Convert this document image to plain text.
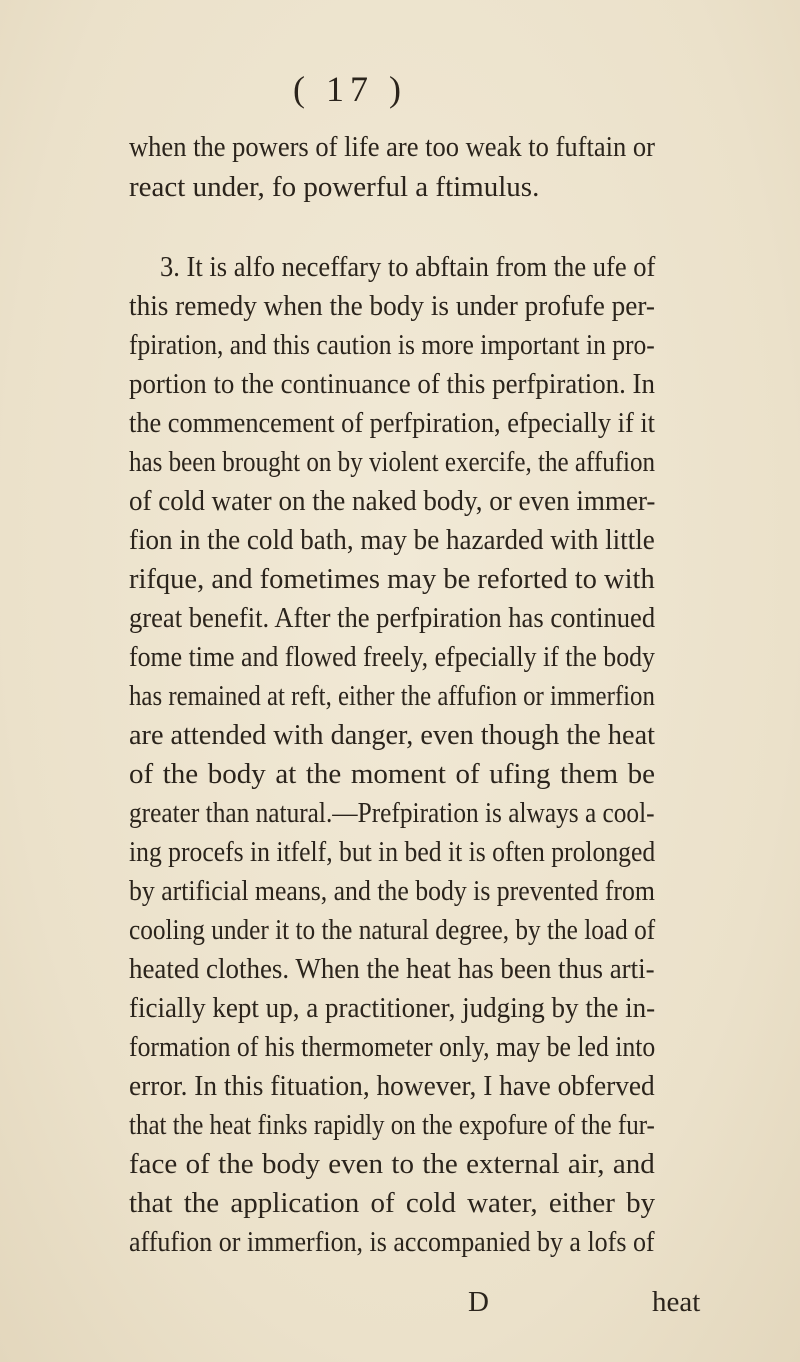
( 17 )
when the powers of life are too weak to fuftain or
react under, fo powerful a ftimulus.
3. It is alfo neceffary to abftain from the ufe of
this remedy when the body is under profufe per-
fpiration, and this caution is more important in pro-
portion to the continuance of this perfpiration. In
the commencement of perfpiration, efpecially if it
has been brought on by violent exercife, the affufion
of cold water on the naked body, or even immer-
fion in the cold bath, may be hazarded with little
rifque, and fometimes may be reforted to with
great benefit. After the perfpiration has continued
fome time and flowed freely, efpecially if the body
has remained at reft, either the affufion or immerfion
are attended with danger, even though the heat
of the body at the moment of ufing them be
greater than natural.—Prefpiration is always a cool-
ing procefs in itfelf, but in bed it is often prolonged
by artificial means, and the body is prevented from
cooling under it to the natural degree, by the load of
heated clothes. When the heat has been thus arti-
ficially kept up, a practitioner, judging by the in-
formation of his thermometer only, may be led into
error. In this fituation, however, I have obferved
that the heat finks rapidly on the expofure of the fur-
face of the body even to the external air, and
that the application of cold water, either by
affufion or immerfion, is accompanied by a lofs of
D	heat
